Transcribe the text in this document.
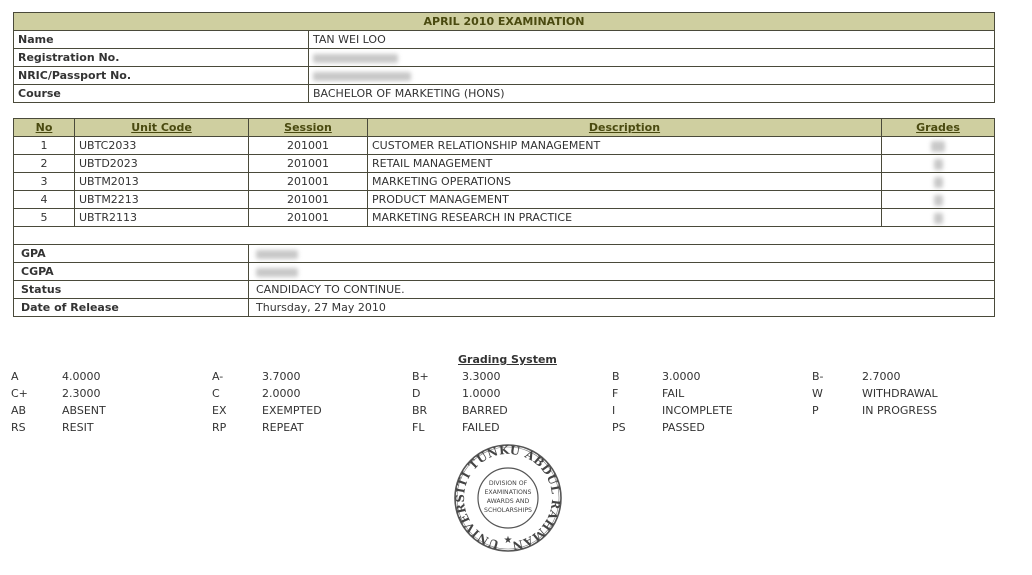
APRIL 2010 EXAMINATION	
Name	TAN WEI LOO
Registration No.	
NRIC/Passport No.	
Course	BACHELOR OF MARKETING (HONS)
No	Unit Code	Session	Description	Grades
1	UBTC2033	201001	CUSTOMER RELATIONSHIP MANAGEMENT	
2	UBTD2023	201001	RETAIL MANAGEMENT	
3	UBTM2013	201001	MARKETING OPERATIONS	
4	UBTM2213	201001	PRODUCT MANAGEMENT	
5	UBTR2113	201001	MARKETING RESEARCH IN PRACTICE	

GPA				
CGPA				
Status		CANDIDACY TO CONTINUE.		
Date of Release		Thursday, 27 May 2010		
Grading System
A	4.0000	A-	3.7000	B+	3.3000	B	3.0000	B-	2.7000
C+	2.3000	C	2.0000	D	1.0000	F	FAIL	W	WITHDRAWAL
AB	ABSENT	EX	EXEMPTED	BR	BARRED	I	INCOMPLETE	P	IN PROGRESS
RS	RESIT	RP	REPEAT	FL	FAILED	PS	PASSED
UNIVERSITI TUNKU ABDUL RAHMAN
DIVISION OF
EXAMINATIONS
AWARDS AND
SCHOLARSHIPS
★
